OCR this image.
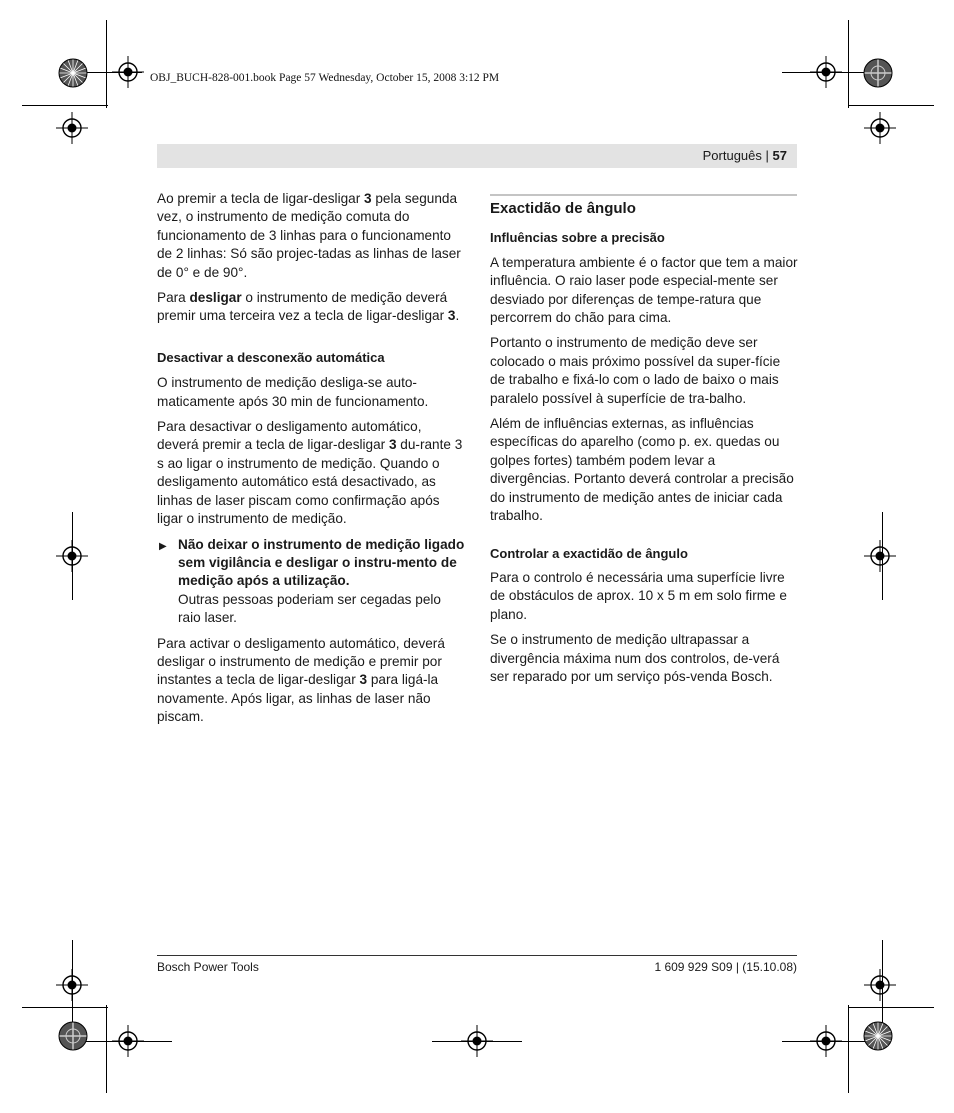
OBJ_BUCH-828-001.book Page 57 Wednesday, October 15, 2008 3:12 PM
Português | 57

Ao premir a tecla de ligar-desligar 3 pela segunda vez, o instrumento de medição comuta do funcionamento de 3 linhas para o funcionamento de 2 linhas: Só são projec-tadas as linhas de laser de 0° e de 90°.

Para desligar o instrumento de medição deverá premir uma terceira vez a tecla de ligar-desligar 3.

Desactivar a desconexão automática

O instrumento de medição desliga-se auto-maticamente após 30 min de funcionamento.

Para desactivar o desligamento automático, deverá premir a tecla de ligar-desligar 3 du-rante 3 s ao ligar o instrumento de medição. Quando o desligamento automático está desactivado, as linhas de laser piscam como confirmação após ligar o instrumento de medição.

▶ Não deixar o instrumento de medição ligado sem vigilância e desligar o instru-mento de medição após a utilização.
Outras pessoas poderiam ser cegadas pelo raio laser.

Para activar o desligamento automático, deverá desligar o instrumento de medição e premir por instantes a tecla de ligar-desligar 3 para ligá-la novamente. Após ligar, as linhas de laser não piscam.

Exactidão de ângulo
Influências sobre a precisão

A temperatura ambiente é o factor que tem a maior influência. O raio laser pode especial-mente ser desviado por diferenças de tempe-ratura que percorrem do chão para cima.

Portanto o instrumento de medição deve ser colocado o mais próximo possível da super-fície de trabalho e fixá-lo com o lado de baixo o mais paralelo possível à superfície de tra-balho.

Além de influências externas, as influências específicas do aparelho (como p. ex. quedas ou golpes fortes) também podem levar a divergências. Portanto deverá controlar a precisão do instrumento de medição antes de iniciar cada trabalho.

Controlar a exactidão de ângulo

Para o controlo é necessária uma superfície livre de obstáculos de aprox. 10 x 5 m em solo firme e plano.

Se o instrumento de medição ultrapassar a divergência máxima num dos controlos, de-verá ser reparado por um serviço pós-venda Bosch.

Bosch Power Tools	1 609 929 S09 | (15.10.08)
